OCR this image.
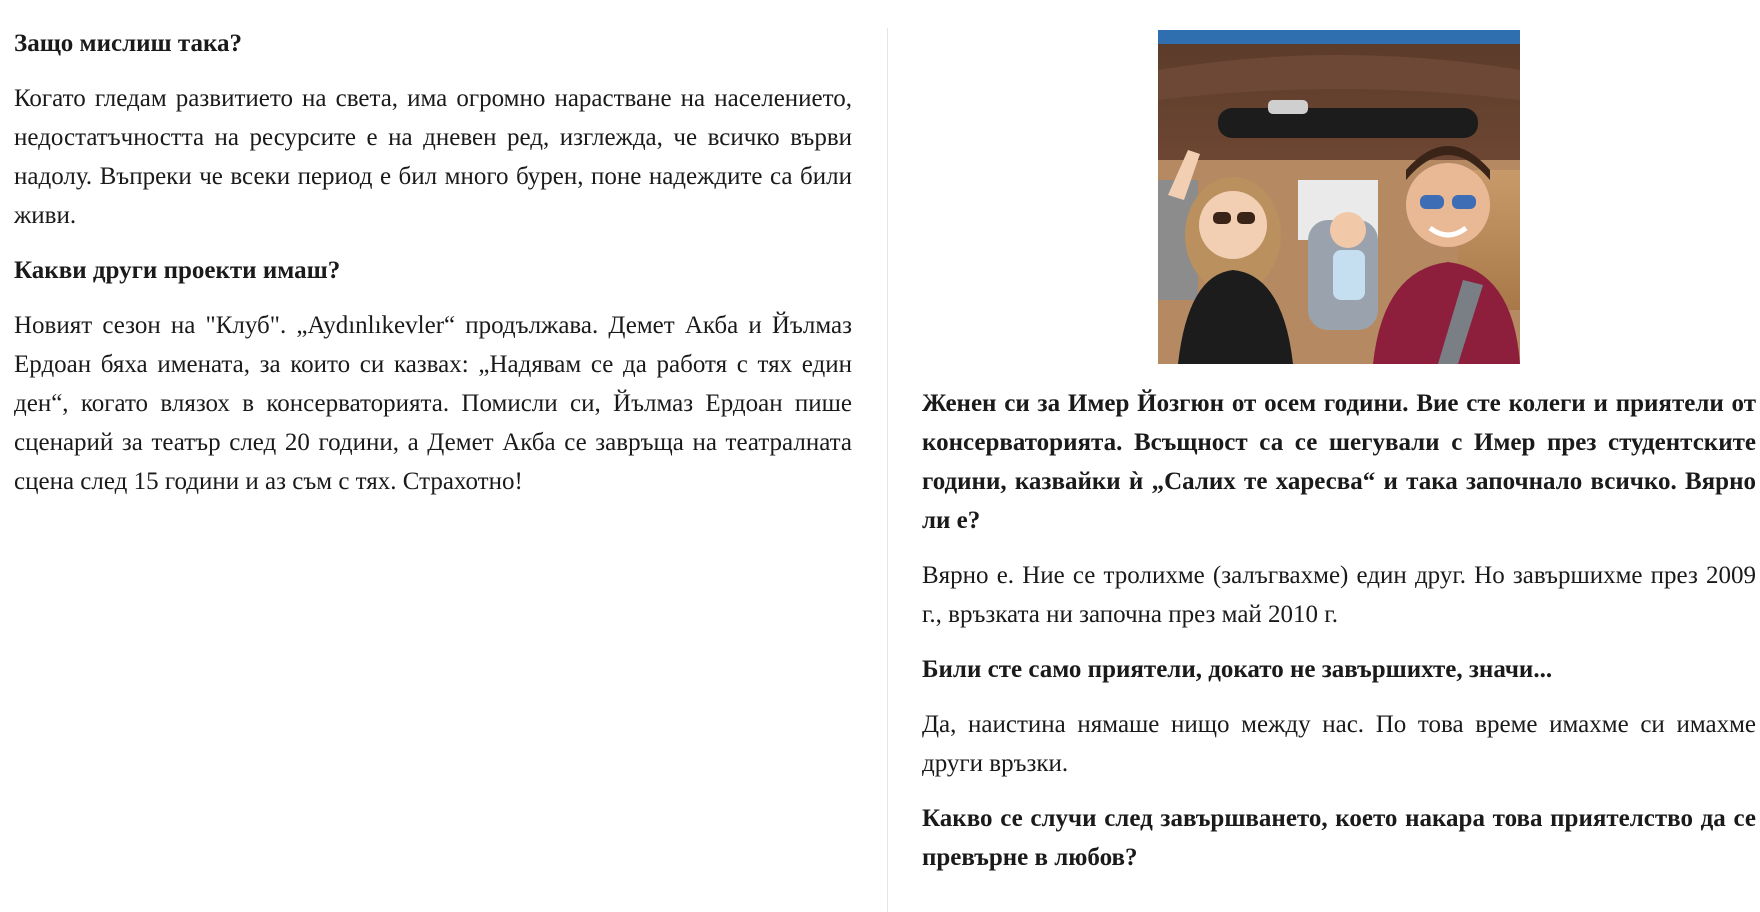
Защо мислиш така?

Когато гледам развитието на света, има огромно нарастване на населението, недостатъчността на ресурсите е на дневен ред, изглежда, че всичко върви надолу. Въпреки че всеки период е бил много бурен, поне надеждите са били живи.

Какви други проекти имаш?

Новият сезон на "Клуб". „Aydınlıkevler“ продължава. Демет Акба и Йълмаз Ердоан бяха имената, за които си казвах: „Надявам се да работя с тях един ден“, когато влязох в консерваторията. Помисли си, Йълмаз Ердоан пише сценарий за театър след 20 години, а Демет Акба се завръща на театралната сцена след 15 години и аз съм с тях. Страхотно!

Женен си за Имер Йозгюн от осем години. Вие сте колеги и приятели от консерваторията. Всъщност са се шегували с Имер през студентските години, казвайки ѝ „Салих те харесва“ и така започнало всичко. Вярно ли е?

Вярно е. Ние се тролихме (залъгвахме) един друг. Но завършихме през 2009 г., връзката ни започна през май 2010 г.

Били сте само приятели, докато не завършихте, значи...

Да, наистина нямаше нищо между нас. По това време имахме си имахме други връзки.

Какво се случи след завършването, което накара това приятелство да се превърне в любов?
